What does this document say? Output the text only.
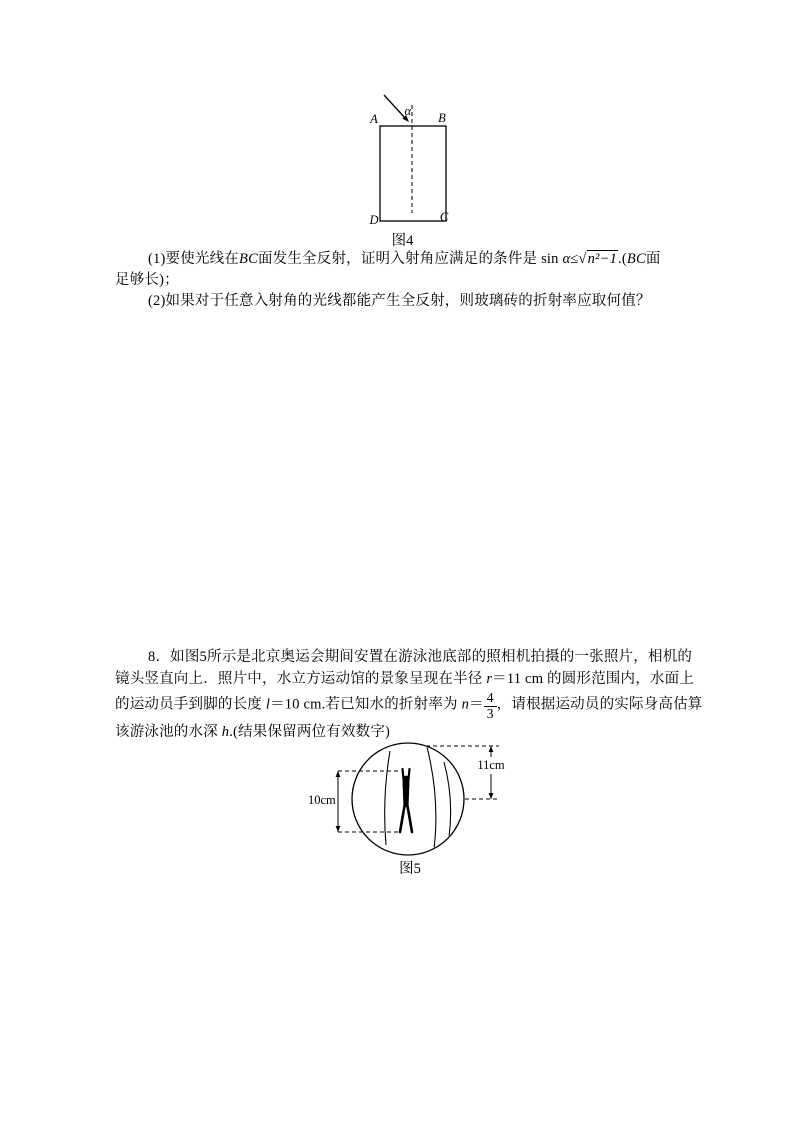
α
A	B
C
D
图4
(1)要使光线在BC面发生全反射，证明入射角应满足的条件是 sin α≤√n²−1.(BC面
足够长)；
(2)如果对于任意入射角的光线都能产生全反射，则玻璃砖的折射率应取何值？
8．如图5所示是北京奥运会期间安置在游泳池底部的照相机拍摄的一张照片，相机的
镜头竖直向上．照片中，水立方运动馆的景象呈现在半径 r＝11 cm 的圆形范围内，水面上
的运动员手到脚的长度 l＝10 cm.若已知水的折射率为 $n= \frac{4}{3}$ ，请根据运动员的实际身高估算
该游泳池的水深 h.(结果保留两位有效数字)
10cm
11cm
图5
